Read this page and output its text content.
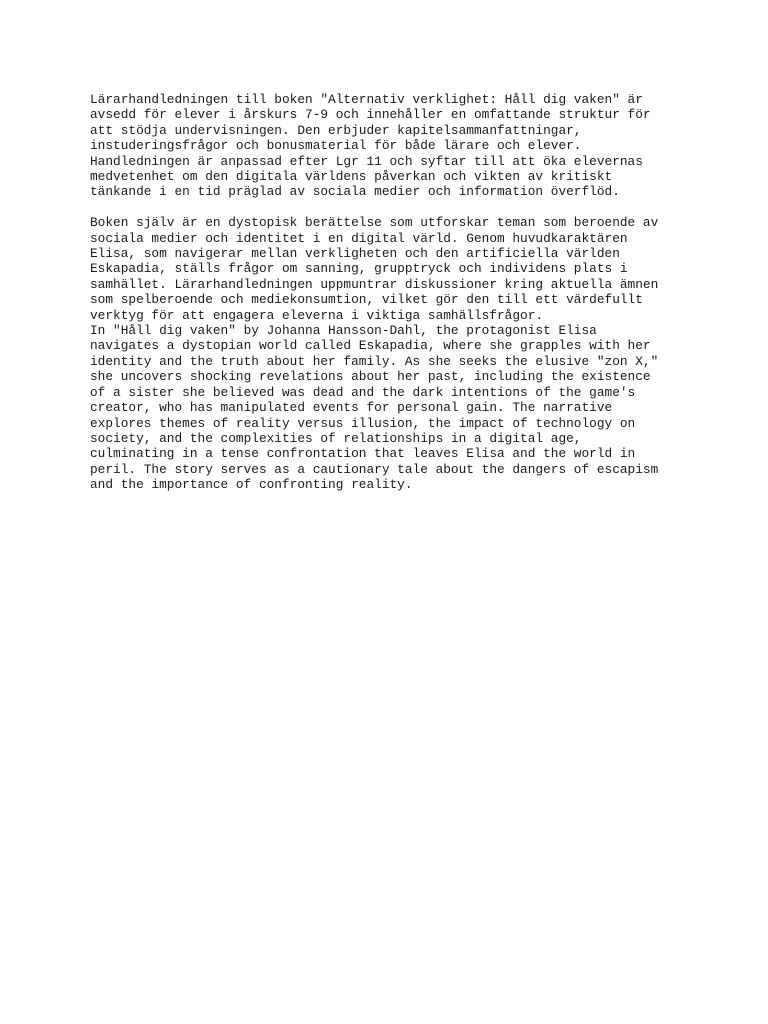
Lärarhandledningen till boken "Alternativ verklighet: Håll dig vaken" är
avsedd för elever i årskurs 7-9 och innehåller en omfattande struktur för
att stödja undervisningen. Den erbjuder kapitelsammanfattningar,
instuderingsfrågor och bonusmaterial för både lärare och elever.
Handledningen är anpassad efter Lgr 11 och syftar till att öka elevernas
medvetenhet om den digitala världens påverkan och vikten av kritiskt
tänkande i en tid präglad av sociala medier och information överflöd.

Boken själv är en dystopisk berättelse som utforskar teman som beroende av
sociala medier och identitet i en digital värld. Genom huvudkaraktären
Elisa, som navigerar mellan verkligheten och den artificiella världen
Eskapadia, ställs frågor om sanning, grupptryck och individens plats i
samhället. Lärarhandledningen uppmuntrar diskussioner kring aktuella ämnen
som spelberoende och mediekonsumtion, vilket gör den till ett värdefullt
verktyg för att engagera eleverna i viktiga samhällsfrågor.

In "Håll dig vaken" by Johanna Hansson-Dahl, the protagonist Elisa
navigates a dystopian world called Eskapadia, where she grapples with her
identity and the truth about her family. As she seeks the elusive "zon X,"
she uncovers shocking revelations about her past, including the existence
of a sister she believed was dead and the dark intentions of the game's
creator, who has manipulated events for personal gain. The narrative
explores themes of reality versus illusion, the impact of technology on
society, and the complexities of relationships in a digital age,
culminating in a tense confrontation that leaves Elisa and the world in
peril. The story serves as a cautionary tale about the dangers of escapism
and the importance of confronting reality.
